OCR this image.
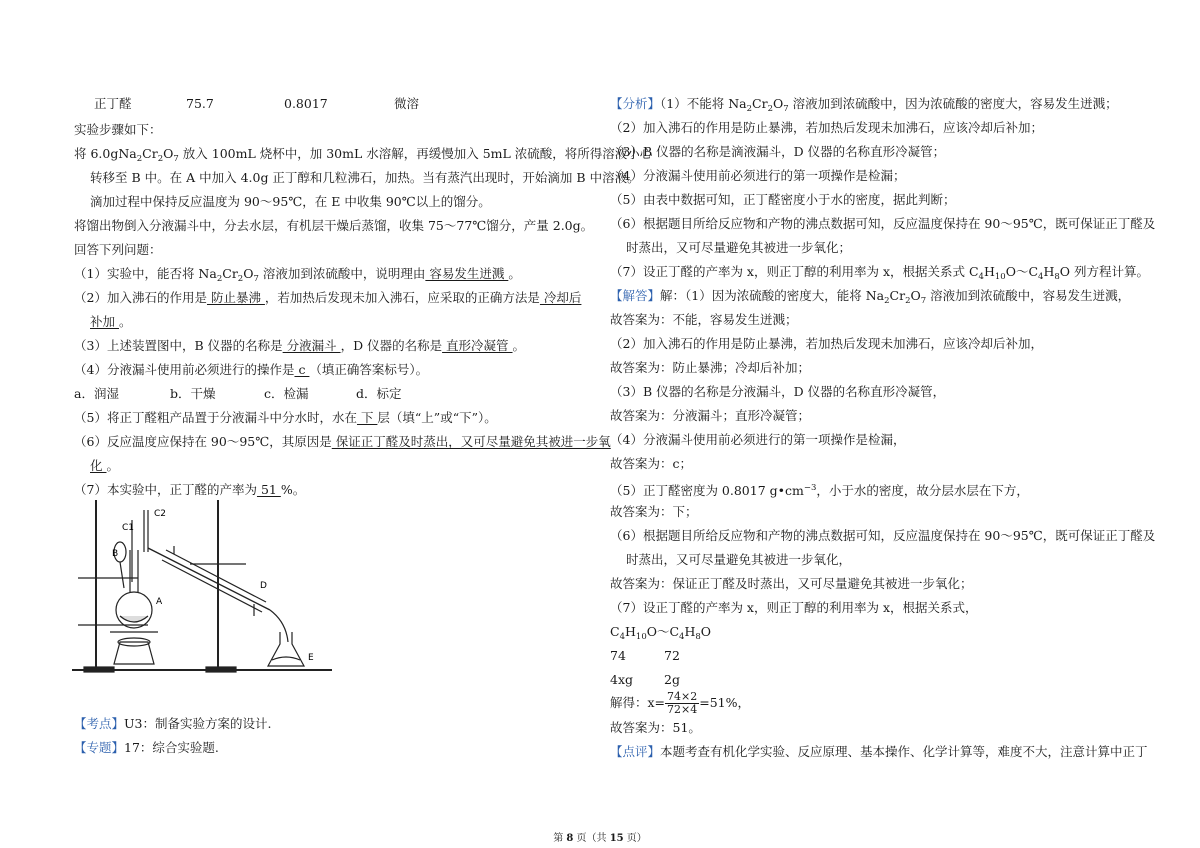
正丁醛	75.7	0.8017	微溶
实验步骤如下：
将 $6.0gNa_2Cr_2O_7$ 放入 100mL 烧杯中，加 30mL 水溶解，再缓慢加入 5mL 浓硫酸，将所得溶液小心
转移至 B 中。在 A 中加入 4.0g 正丁醇和几粒沸石，加热。当有蒸汽出现时，开始滴加 B 中溶液。
滴加过程中保持反应温度为 90～95℃，在 E 中收集 90℃以上的馏分。
将馏出物倒入分液漏斗中，分去水层，有机层干燥后蒸馏，收集 75～77℃馏分，产量 2.0g。
回答下列问题：
（1）实验中，能否将 $Na_2Cr_2O_7$ 溶液加到浓硫酸中，说明理由 容易发生迸溅 。
（2）加入沸石的作用是 防止暴沸 ，若加热后发现未加入沸石，应采取的正确方法是 冷却后
补加 。
（3）上述装置图中，B 仪器的名称是 分液漏斗 ，D 仪器的名称是 直形冷凝管 。
（4）分液漏斗使用前必须进行的操作是 c （填正确答案标号）。
a．润湿	b．干燥	c．检漏	d．标定
（5）将正丁醛粗产品置于分液漏斗中分水时，水在 下 层（填“上”或“下”）。
（6）反应温度应保持在 90～95℃，其原因是 保证正丁醛及时蒸出，又可尽量避免其被进一步氧
化 。
（7）本实验中，正丁醛的产率为 51 %。
C1
C2
B
A
D
E
【考点】U3：制备实验方案的设计.
【专题】17：综合实验题.
【分析】（1）不能将 $Na_2Cr_2O_7$ 溶液加到浓硫酸中，因为浓硫酸的密度大，容易发生迸溅；
（2）加入沸石的作用是防止暴沸，若加热后发现未加沸石，应该冷却后补加；
（3）B 仪器的名称是滴液漏斗，D 仪器的名称直形冷凝管；
（4）分液漏斗使用前必须进行的第一项操作是检漏；
（5）由表中数据可知，正丁醛密度小于水的密度，据此判断；
（6）根据题目所给反应物和产物的沸点数据可知，反应温度保持在 90～95℃，既可保证正丁醛及
时蒸出，又可尽量避免其被进一步氧化；
（7）设正丁醛的产率为 x，则正丁醇的利用率为 x，根据关系式 $C_4H_{10}O\sim C_4H_8O$ 列方程计算。
【解答】解：（1）因为浓硫酸的密度大，能将 $Na_2Cr_2O_7$ 溶液加到浓硫酸中，容易发生迸溅，
故答案为：不能，容易发生迸溅；
（2）加入沸石的作用是防止暴沸，若加热后发现未加沸石，应该冷却后补加，
故答案为：防止暴沸；冷却后补加；
（3）B 仪器的名称是分液漏斗，D 仪器的名称直形冷凝管，
故答案为：分液漏斗；直形冷凝管；
（4）分液漏斗使用前必须进行的第一项操作是检漏，
故答案为：c；
（5）正丁醛密度为 0.8017 $g•cm^{-3}$，小于水的密度，故分层水层在下方，
故答案为：下；
（6）根据题目所给反应物和产物的沸点数据可知，反应温度保持在 90～95℃，既可保证正丁醛及
时蒸出，又可尽量避免其被进一步氧化，
故答案为：保证正丁醛及时蒸出，又可尽量避免其被进一步氧化；
（7）设正丁醛的产率为 x，则正丁醇的利用率为 x，根据关系式，
$C_4H_{10}O\sim C_4H_8O$
74	72
4xg 2g
解得：$x= \frac{74\times 2}{72\times 4} =51\%$，
故答案为：51。
【点评】本题考查有机化学实验、反应原理、基本操作、化学计算等，难度不大，注意计算中正丁
第 8 页（共 15 页）
